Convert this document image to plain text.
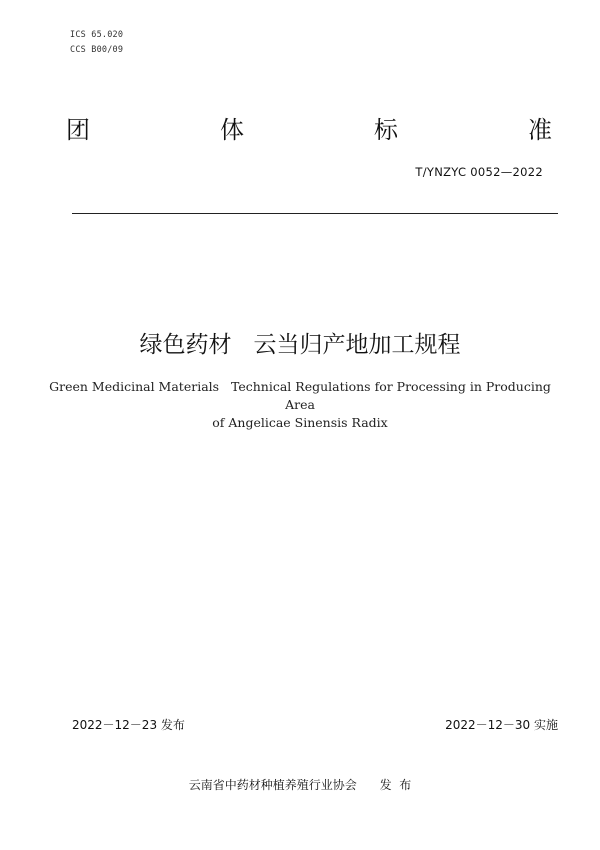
ICS 65.020
CCS B00/09
团	体	标	准
T/YNZYC 0052—2022
绿色药材   云当归产地加工规程
Green Medicinal Materials   Technical Regulations for Processing in Producing Area
of Angelicae Sinensis Radix
2022－12－23 发布	2022－12－30 实施
云南省中药材种植养殖行业协会      发  布
